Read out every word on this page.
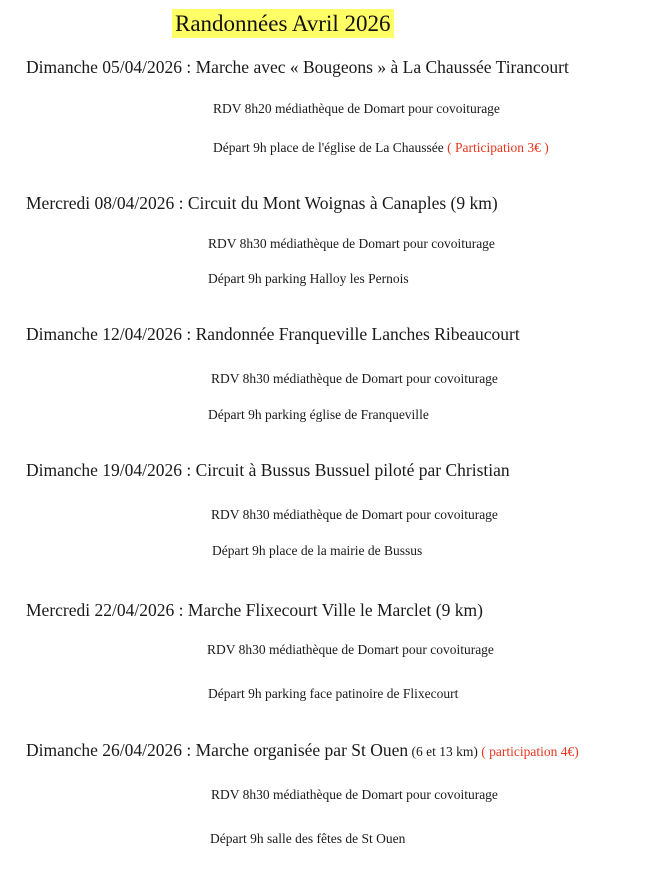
Randonnées Avril 2026
Dimanche 05/04/2026 : Marche avec « Bougeons » à La Chaussée Tirancourt
RDV 8h20 médiathèque de Domart pour covoiturage
Départ 9h place de l'église de La Chaussée ( Participation 3€ )
Mercredi 08/04/2026 : Circuit du Mont Woignas à Canaples (9 km)
RDV 8h30 médiathèque de Domart pour covoiturage
Départ 9h parking Halloy les Pernois
Dimanche 12/04/2026 : Randonnée Franqueville Lanches Ribeaucourt
RDV 8h30 médiathèque de Domart pour covoiturage
Départ 9h parking église de Franqueville
Dimanche 19/04/2026 : Circuit à Bussus Bussuel piloté par Christian
RDV 8h30 médiathèque de Domart pour covoiturage
Départ 9h place de la mairie de Bussus
Mercredi 22/04/2026 : Marche Flixecourt Ville le Marclet (9 km)
RDV 8h30 médiathèque de Domart pour covoiturage
Départ 9h parking face patinoire de Flixecourt
Dimanche 26/04/2026 : Marche organisée par St Ouen (6 et 13 km) ( participation 4€)
RDV 8h30 médiathèque de Domart pour covoiturage
Départ 9h salle des fêtes de St Ouen
